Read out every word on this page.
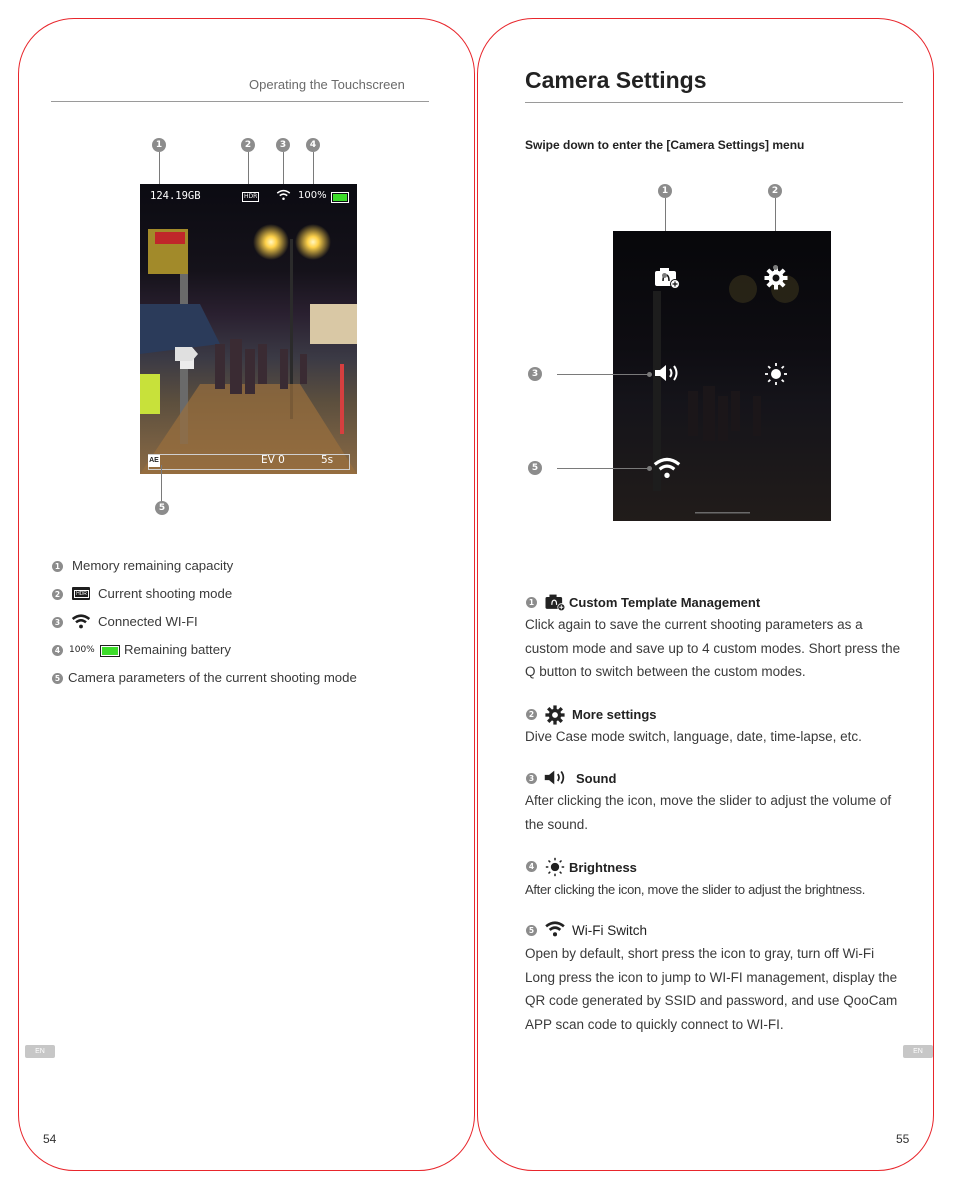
Operating the Touchscreen
1	2	3	4
124.19GB	HDR	100%
AE	EV 0	5s
5
1 Memory remaining capacity
2	HDR Current shooting mode
3	Connected WI-FI
4 100% Remaining battery
5 Camera parameters of the current shooting mode
EN
54
Camera Settings
Swipe down to enter the [Camera Settings] menu
1	2
3
5
1	Custom Template Management
Click again to save the current shooting parameters as a custom mode and save up to 4 custom modes. Short press the Q button to switch between the custom modes.
2	More settings
Dive Case mode switch, language, date, time-lapse, etc.
3	Sound
After clicking the icon, move the slider to adjust the volume of the sound.
4	Brightness
After clicking the icon, move the slider to adjust the brightness.
5	Wi-Fi Switch
Open by default, short press the icon to gray, turn off Wi-Fi Long press the icon to jump to WI-FI management, display the QR code generated by SSID and password, and use QooCam APP scan code to quickly connect to WI-FI.
EN
55
